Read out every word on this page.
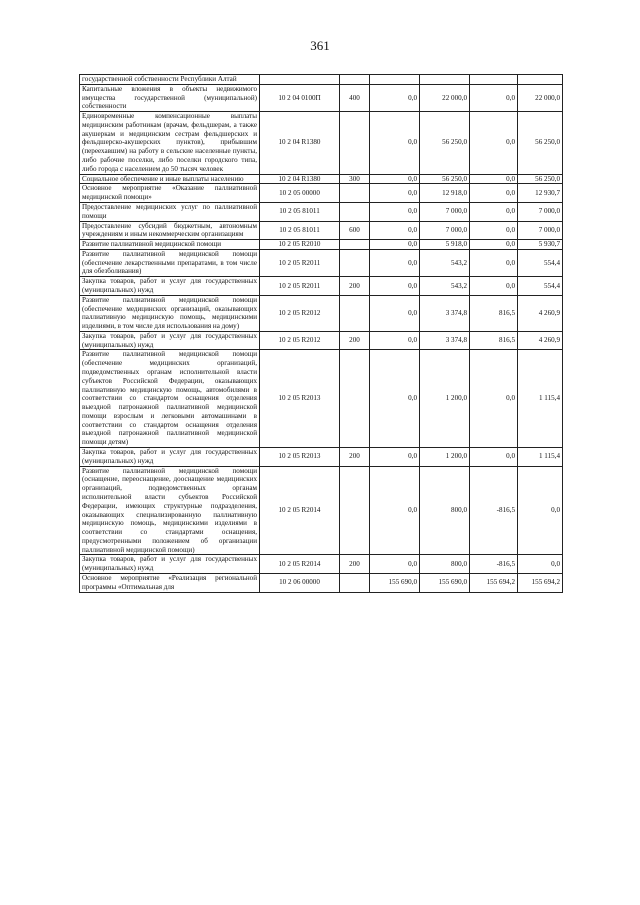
361
государственной собственности Республики Алтай						
Капитальные вложения в объекты недвижимого имущества государственной (муниципальной) собственности	10 2 04 0100П	400	0,0	22 000,0	0,0	22 000,0
Единовременные компенсационные выплаты медицинским работникам (врачам, фельдшерам, а также акушеркам и медицинским сестрам фельдшерских и фельдшерско-акушерских пунктов), прибывшим (переехавшим) на работу в сельские населенные пункты, либо рабочие поселки, либо поселки городского типа, либо города с населением до 50 тысяч человек	10 2 04 R1380		0,0	56 250,0	0,0	56 250,0
Социальное обеспечение и иные выплаты населению	10 2 04 R1380	300	0,0	56 250,0	0,0	56 250,0
Основное мероприятие «Оказание паллиативной медицинской помощи»	10 2 05 00000		0,0	12 918,0	0,0	12 930,7
Предоставление медицинских услуг по паллиативной помощи	10 2 05 81011		0,0	7 000,0	0,0	7 000,0
Предоставление субсидий бюджетным, автономным учреждениям и иным некоммерческим организациям	10 2 05 81011	600	0,0	7 000,0	0,0	7 000,0
Развитие паллиативной медицинской помощи	10 2 05 R2010		0,0	5 918,0	0,0	5 930,7
Развитие паллиативной медицинской помощи (обеспечение лекарственными препаратами, в том числе для обезболивания)	10 2 05 R2011		0,0	543,2	0,0	554,4
Закупка товаров, работ и услуг для государственных (муниципальных) нужд	10 2 05 R2011	200	0,0	543,2	0,0	554,4
Развитие паллиативной медицинской помощи (обеспечение медицинских организаций, оказывающих паллиативную медицинскую помощь, медицинскими изделиями, в том числе для использования на дому)	10 2 05 R2012		0,0	3 374,8	816,5	4 260,9
Закупка товаров, работ и услуг для государственных (муниципальных) нужд	10 2 05 R2012	200	0,0	3 374,8	816,5	4 260,9
Развитие паллиативной медицинской помощи (обеспечение медицинских организаций, подведомственных органам исполнительной власти субъектов Российской Федерации, оказывающих паллиативную медицинскую помощь, автомобилями в соответствии со стандартом оснащения отделения выездной патронажной паллиативной медицинской помощи взрослым и легковыми автомашинами в соответствии со стандартом оснащения отделения выездной патронажной паллиативной медицинской помощи детям)	10 2 05 R2013		0,0	1 200,0	0,0	1 115,4
Закупка товаров, работ и услуг для государственных (муниципальных) нужд	10 2 05 R2013	200	0,0	1 200,0	0,0	1 115,4
Развитие паллиативной медицинской помощи (оснащение, переоснащение, дооснащение медицинских организаций, подведомственных органам исполнительной власти субъектов Российской Федерации, имеющих структурные подразделения, оказывающих специализированную паллиативную медицинскую помощь, медицинскими изделиями в соответствии со стандартами оснащения, предусмотренными положением об организации паллиативной медицинской помощи)	10 2 05 R2014		0,0	800,0	-816,5	0,0
Закупка товаров, работ и услуг для государственных (муниципальных) нужд	10 2 05 R2014	200	0,0	800,0	-816,5	0,0
Основное мероприятие «Реализация региональной программы «Оптимальная для	10 2 06 00000		155 690,0	155 690,0	155 694,2	155 694,2
